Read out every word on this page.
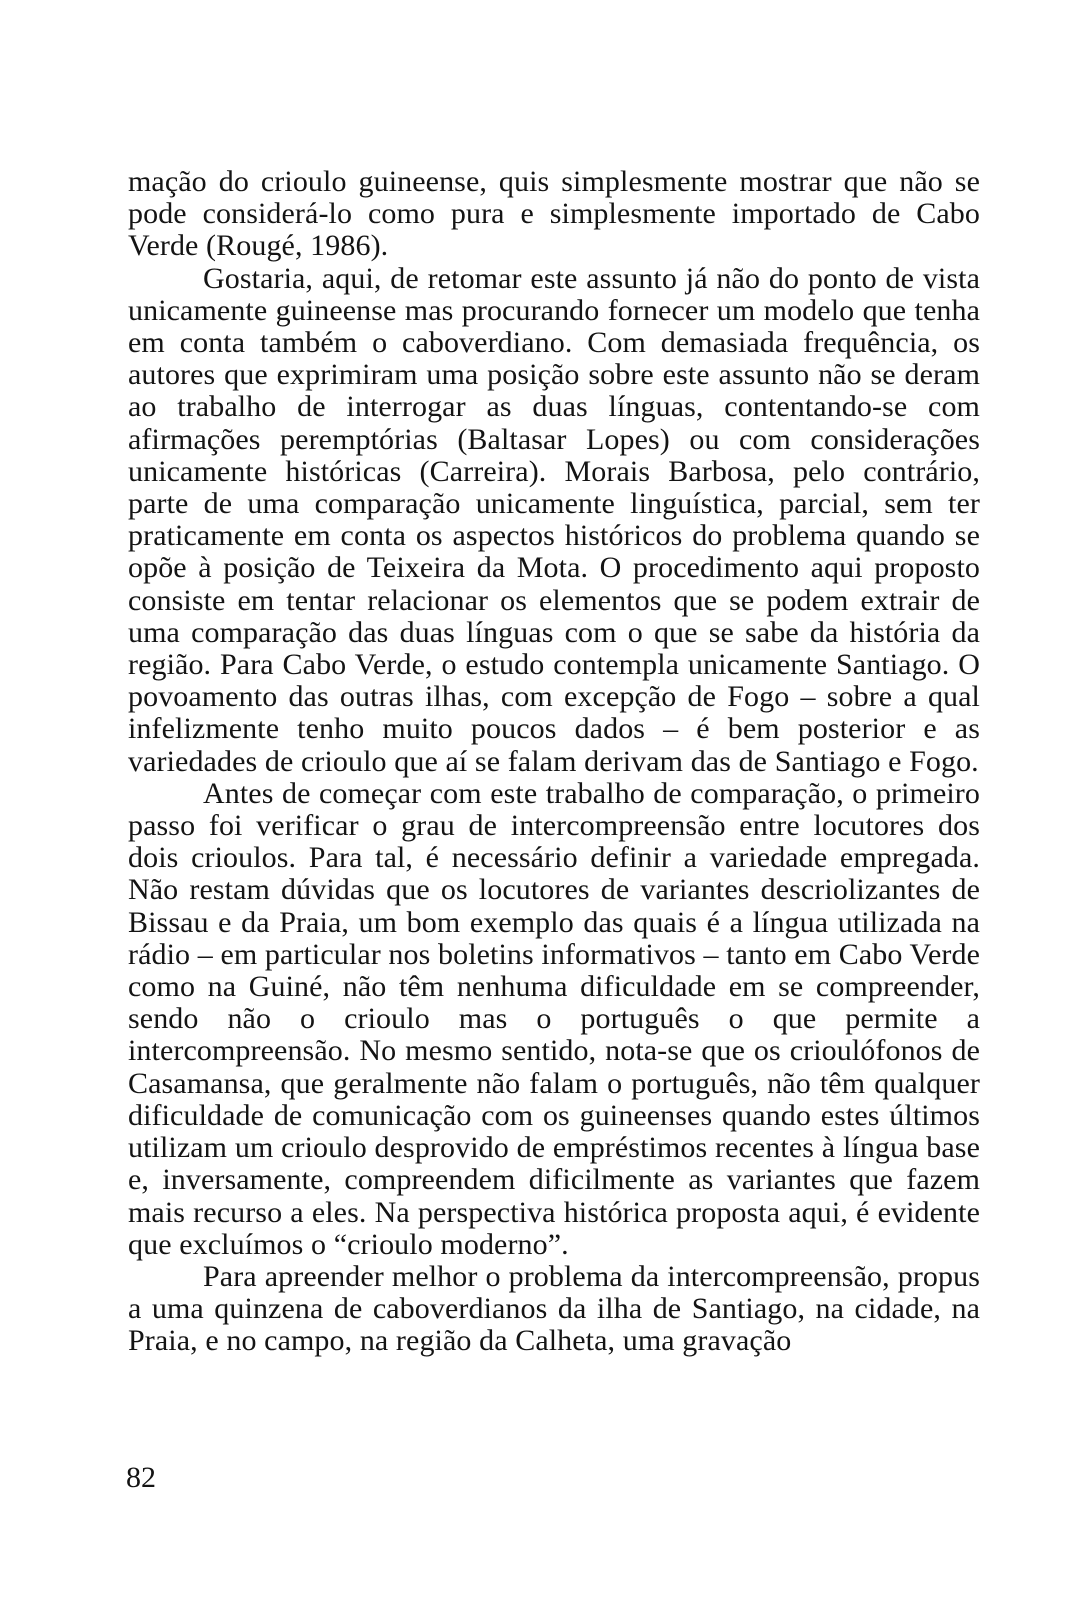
mação do crioulo guineense, quis simplesmente mostrar que não se pode considerá-lo como pura e simplesmente importado de Cabo Verde (Rougé, 1986).

Gostaria, aqui, de retomar este assunto já não do ponto de vista unicamente guineense mas procurando fornecer um modelo que tenha em conta também o caboverdiano. Com demasiada frequência, os autores que exprimiram uma posição sobre este assunto não se deram ao trabalho de interrogar as duas línguas, contentando-se com afirmações peremptórias (Baltasar Lopes) ou com considerações unicamente históricas (Carreira). Morais Barbosa, pelo contrário, parte de uma comparação unicamente linguística, parcial, sem ter praticamente em conta os aspectos históricos do problema quando se opõe à posição de Teixeira da Mota. O procedimento aqui proposto consiste em tentar relacionar os elementos que se podem extrair de uma comparação das duas línguas com o que se sabe da história da região. Para Cabo Verde, o estudo contempla unicamente Santiago. O povoamento das outras ilhas, com excepção de Fogo – sobre a qual infelizmente tenho muito poucos dados – é bem posterior e as variedades de crioulo que aí se falam derivam das de Santiago e Fogo.

Antes de começar com este trabalho de comparação, o primeiro passo foi verificar o grau de intercompreensão entre locutores dos dois crioulos. Para tal, é necessário definir a variedade empregada. Não restam dúvidas que os locutores de variantes descriolizantes de Bissau e da Praia, um bom exemplo das quais é a língua utilizada na rádio – em particular nos boletins informativos – tanto em Cabo Verde como na Guiné, não têm nenhuma dificuldade em se compreender, sendo não o crioulo mas o português o que permite a intercompreensão. No mesmo sentido, nota-se que os crioulófonos de Casamansa, que geralmente não falam o português, não têm qualquer dificuldade de comunicação com os guineenses quando estes últimos utilizam um crioulo desprovido de empréstimos recentes à língua base e, inversamente, compreendem dificilmente as variantes que fazem mais recurso a eles. Na perspectiva histórica proposta aqui, é evidente que excluímos o “crioulo moderno”.

Para apreender melhor o problema da intercompreensão, propus a uma quinzena de caboverdianos da ilha de Santiago, na cidade, na Praia, e no campo, na região da Calheta, uma gravação

82
